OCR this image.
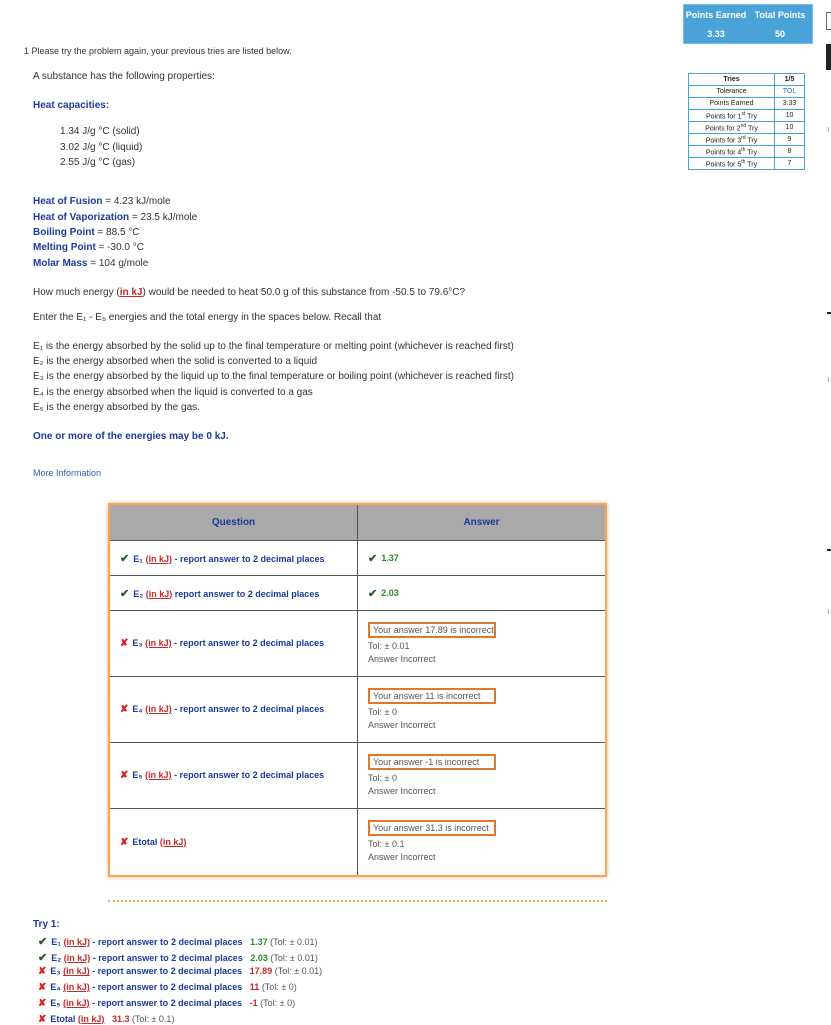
Points Earned Total Points
3.33	50
ı
ı
ı
Tries	1/5
Tolerance	TOL
Points Earned	3.33
Points for 1st Try	10
Points for 2nd Try	10
Points for 3rd Try	9
Points for 4th Try	8
Points for 5th Try	7
1 Please try the problem again, your previous tries are listed below.
A substance has the following properties:
Heat capacities:
1.34 J/g °C (solid)
3.02 J/g °C (liquid)
2.55 J/g °C (gas)
Heat of Fusion = 4.23 kJ/mole
Heat of Vaporization = 23.5 kJ/mole
Boiling Point = 88.5 °C
Melting Point = -30.0 °C
Molar Mass = 104 g/mole
How much energy (in kJ) would be needed to heat 50.0 g of this substance from -50.5 to 79.6°C?
Enter the E₁ - E₅ energies and the total energy in the spaces below. Recall that
E₁ is the energy absorbed by the solid up to the final temperature or melting point (whichever is reached first)
E₂ is the energy absorbed when the solid is converted to a liquid
E₃ is the energy absorbed by the liquid up to the final temperature or boiling point (whichever is reached first)
E₄ is the energy absorbed when the liquid is converted to a gas
E₅ is the energy absorbed by the gas.
One or more of the energies may be 0 kJ.
More Information
Question	Answer
✔ E₁ (in kJ) - report answer to 2 decimal places	✔ 1.37
✔ E₂ (in kJ) report answer to 2 decimal places	✔ 2.03
✘ E₃ (in kJ) - report answer to 2 decimal places
Your answer 17.89 is incorrect
Tol: ± 0.01
Answer Incorrect
✘ E₄ (in kJ) - report answer to 2 decimal places
Your answer 11 is incorrect
Tol: ± 0
Answer Incorrect
✘ E₅ (in kJ) - report answer to 2 decimal places
Your answer -1 is incorrect
Tol: ± 0
Answer Incorrect
✘ Etotal (in kJ)
Your answer 31.3 is incorrect
Tol: ± 0.1
Answer Incorrect
Try 1:
✔ E₁ (in kJ) - report answer to 2 decimal places 1.37 (Tol: ± 0.01)
✔ E₂ (in kJ) - report answer to 2 decimal places 2.03 (Tol: ± 0.01)
✘ E₃ (in kJ) - report answer to 2 decimal places 17.89 (Tol: ± 0.01)
✘ E₄ (in kJ) - report answer to 2 decimal places 11 (Tol: ± 0)
✘ E₅ (in kJ) - report answer to 2 decimal places -1 (Tol: ± 0)
✘ Etotal (in kJ) 31.3 (Tol: ± 0.1)
